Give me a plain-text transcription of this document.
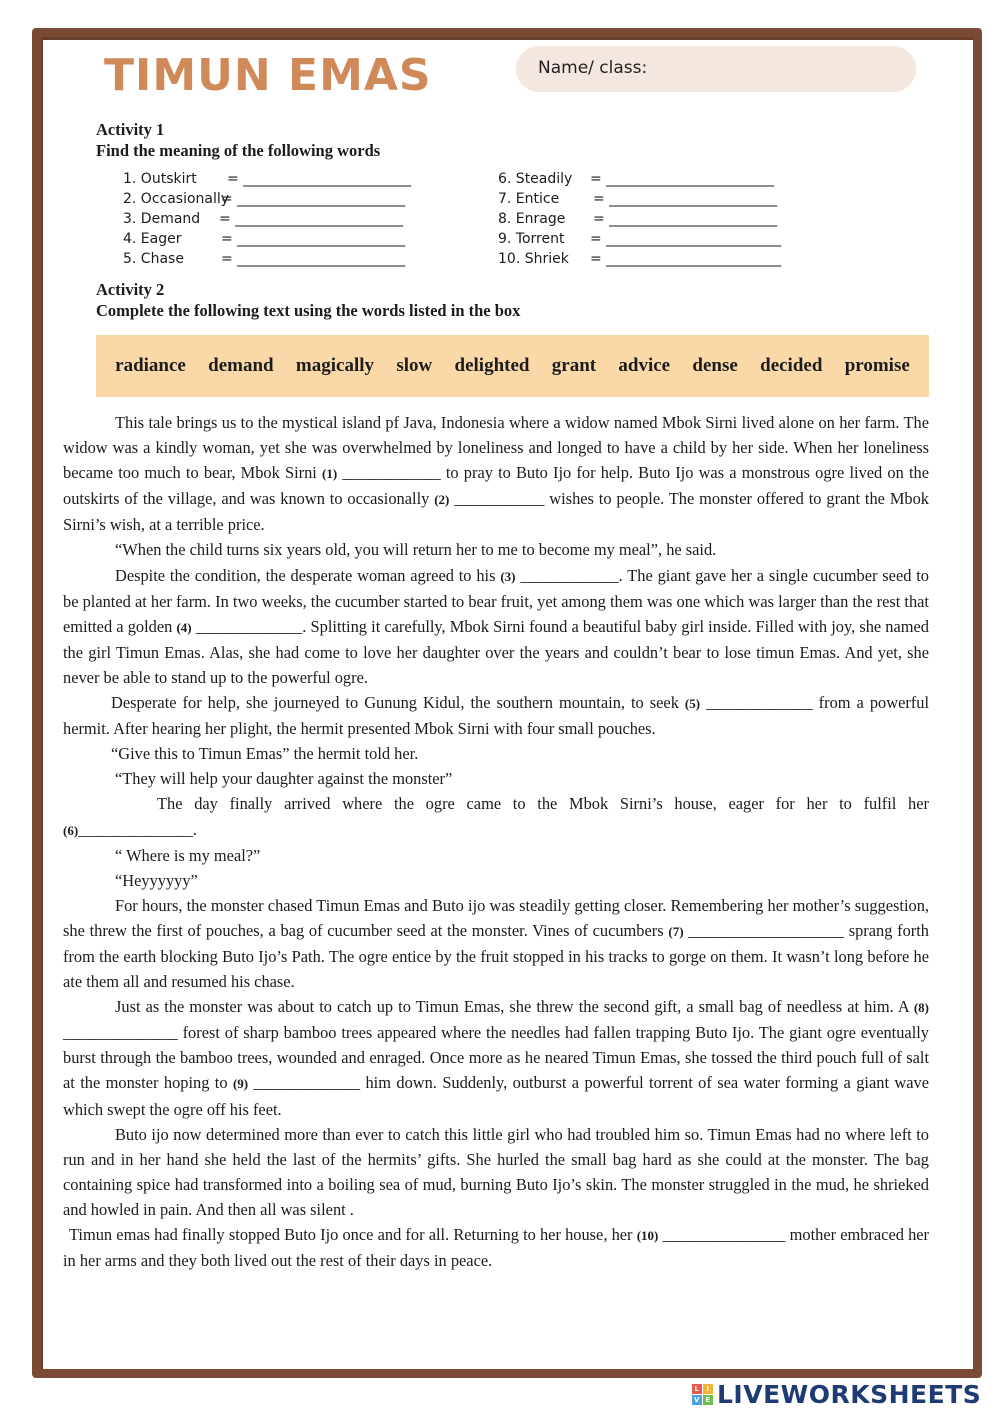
TIMUN EMAS	Name/ class:
Activity 1
Find the meaning of the following words
1. Outskirt = ________________________
2. Occasionally= ________________________
3. Demand = ________________________
4. Eager	= ________________________
5. Chase	= ________________________
6. Steadily = ________________________
7. Entice = ________________________
8. Enrage = ________________________
9. Torrent = _________________________
10. Shriek = _________________________
Activity 2
Complete the following text using the words listed in the box
radiance demand magically slow delighted grant advice dense decided promise

This tale brings us to the mystical island pf Java, Indonesia where a widow named Mbok Sirni lived alone on her farm. The widow was a kindly woman, yet she was overwhelmed by loneliness and longed to have a child by her side. When her loneliness became too much to bear, Mbok Sirni (1) ____________ to pray to Buto Ijo for help. Buto Ijo was a monstrous ogre lived on the outskirts of the village, and was known to occasionally (2) ___________ wishes to people. The monster offered to grant the Mbok Sirni’s wish, at a terrible price.

“When the child turns six years old, you will return her to me to become my meal”, he said.

Despite the condition, the desperate woman agreed to his (3) ____________. The giant gave her a single cucumber seed to be planted at her farm. In two weeks, the cucumber started to bear fruit, yet among them was one which was larger than the rest that emitted a golden (4) _____________. Splitting it carefully, Mbok Sirni found a beautiful baby girl inside. Filled with joy, she named the girl Timun Emas. Alas, she had come to love her daughter over the years and couldn’t bear to lose timun Emas. And yet, she never be able to stand up to the powerful ogre.

Desperate for help, she journeyed to Gunung Kidul, the southern mountain, to seek (5) _____________ from a powerful hermit. After hearing her plight, the hermit presented Mbok Sirni with four small pouches.

“Give this to Timun Emas” the hermit told her.

“They will help your daughter against the monster”

The day finally arrived where the ogre came to the Mbok Sirni’s house, eager for her to fulfil her (6)______________.

“ Where is my meal?”

“Heyyyyyy”

For hours, the monster chased Timun Emas and Buto ijo was steadily getting closer. Remembering her mother’s suggestion, she threw the first of pouches, a bag of cucumber seed at the monster. Vines of cucumbers (7) ___________________ sprang forth from the earth blocking Buto Ijo’s Path. The ogre entice by the fruit stopped in his tracks to gorge on them. It wasn’t long before he ate them all and resumed his chase.

Just as the monster was about to catch up to Timun Emas, she threw the second gift, a small bag of needless at him. A (8) ______________ forest of sharp bamboo trees appeared where the needles had fallen trapping Buto Ijo. The giant ogre eventually burst through the bamboo trees, wounded and enraged. Once more as he neared Timun Emas, she tossed the third pouch full of salt at the monster hoping to (9) _____________ him down. Suddenly, outburst a powerful torrent of sea water forming a giant wave which swept the ogre off his feet.

Buto ijo now determined more than ever to catch this little girl who had troubled him so. Timun Emas had no where left to run and in her hand she held the last of the hermits’ gifts. She hurled the small bag hard as she could at the monster. The bag containing spice had transformed into a boiling sea of mud, burning Buto Ijo’s skin. The monster struggled in the mud, he shrieked and howled in pain. And then all was silent .

Timun emas had finally stopped Buto Ijo once and for all. Returning to her house, her (10) _______________ mother embraced her in her arms and they both lived out the rest of their days in peace.

L I
V E LIVEWORKSHEETS
